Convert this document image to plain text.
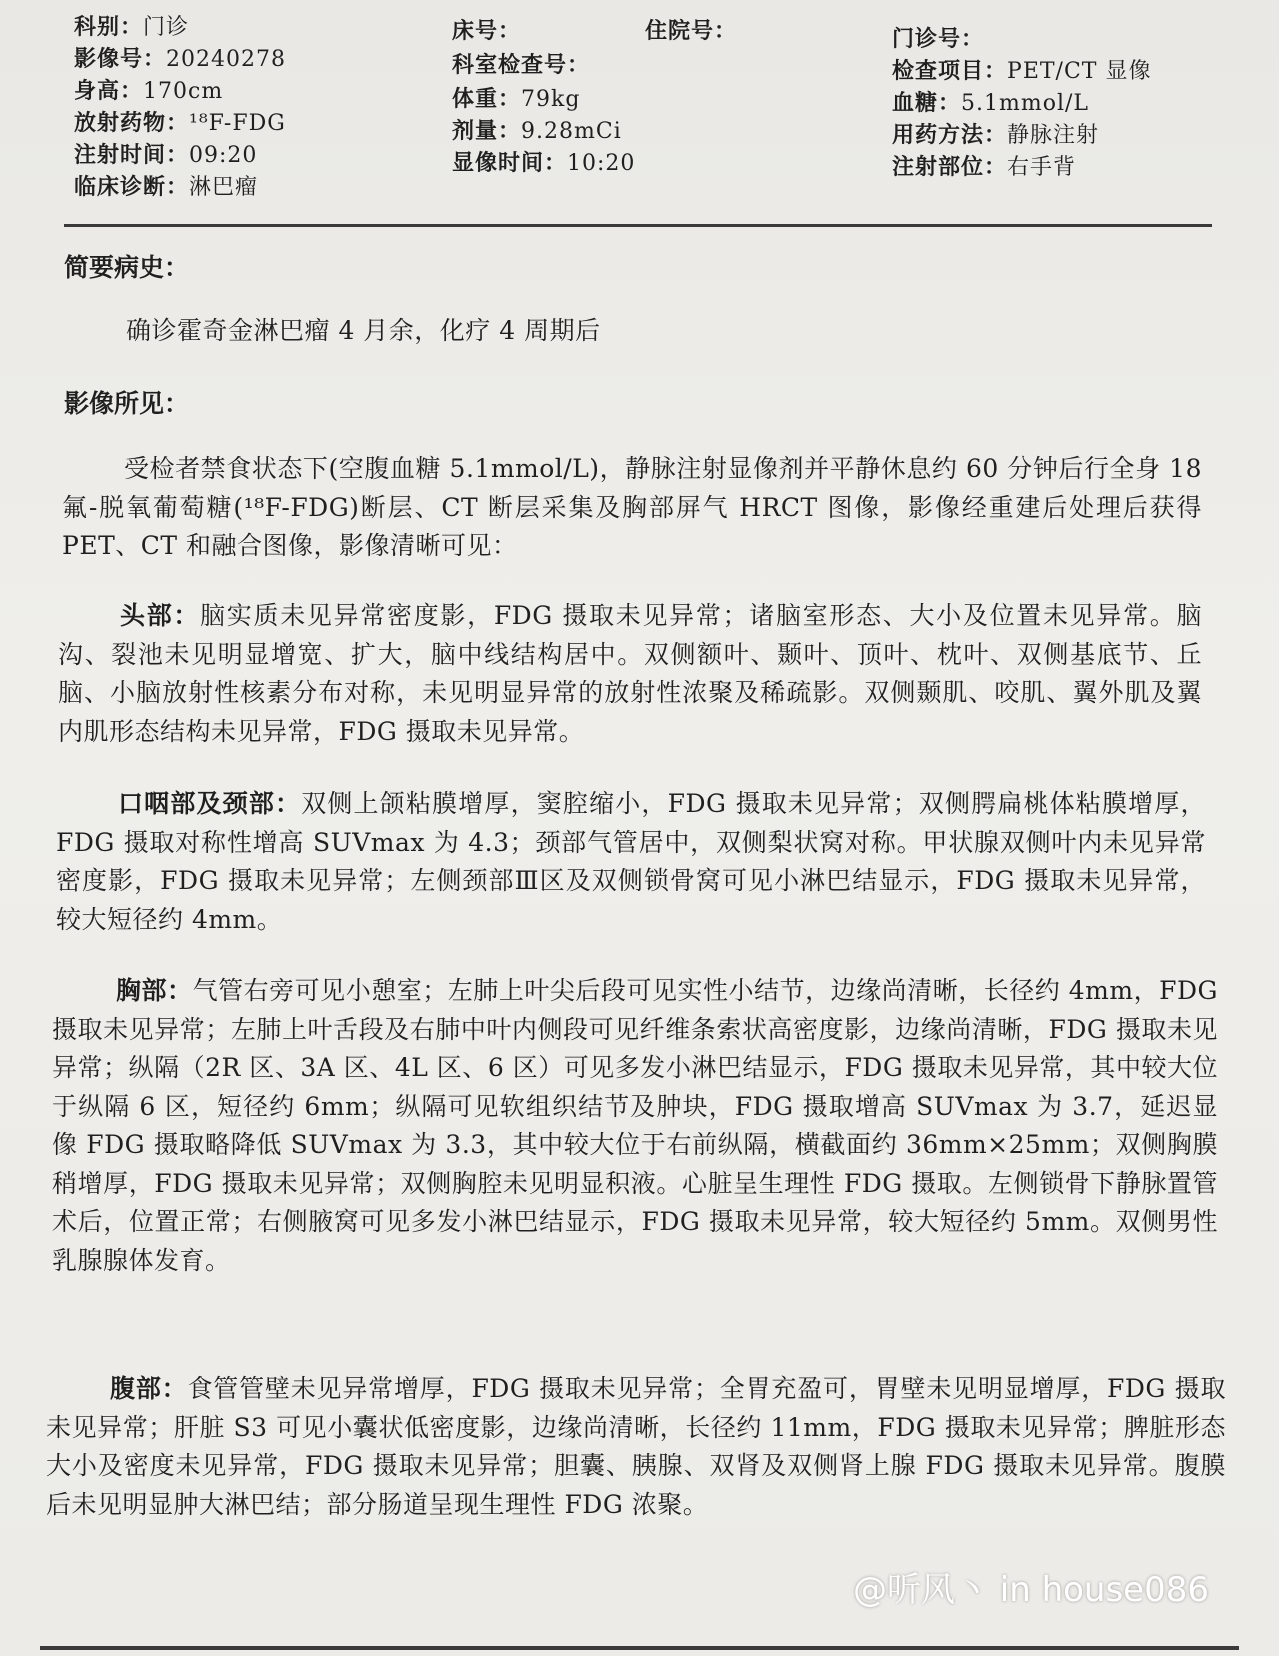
科别：门诊
影像号：20240278
身高：170cm
放射药物：¹⁸F-FDG
注射时间：09:20
临床诊断：淋巴瘤
床号：	住院号：
科室检查号：
体重：79kg
剂量：9.28mCi
显像时间：10:20
门诊号：
检查项目：PET/CT 显像
血糖：5.1mmol/L
用药方法：静脉注射
注射部位：右手背
简要病史：
确诊霍奇金淋巴瘤 4 月余，化疗 4 周期后
影像所见：
受检者禁食状态下(空腹血糖 5.1mmol/L)，静脉注射显像剂并平静休息约 60 分钟后行全身 18 氟-脱氧葡萄糖(¹⁸F-FDG)断层、CT 断层采集及胸部屏气 HRCT 图像，影像经重建后处理后获得 PET、CT 和融合图像，影像清晰可见：
头部：脑实质未见异常密度影，FDG 摄取未见异常；诸脑室形态、大小及位置未见异常。脑沟、裂池未见明显增宽、扩大，脑中线结构居中。双侧额叶、颞叶、顶叶、枕叶、双侧基底节、丘脑、小脑放射性核素分布对称，未见明显异常的放射性浓聚及稀疏影。双侧颞肌、咬肌、翼外肌及翼内肌形态结构未见异常，FDG 摄取未见异常。
口咽部及颈部：双侧上颌粘膜增厚，窦腔缩小，FDG 摄取未见异常；双侧腭扁桃体粘膜增厚，FDG 摄取对称性增高 SUVmax 为 4.3；颈部气管居中，双侧梨状窝对称。甲状腺双侧叶内未见异常密度影，FDG 摄取未见异常；左侧颈部Ⅲ区及双侧锁骨窝可见小淋巴结显示，FDG 摄取未见异常，较大短径约 4mm。
胸部：气管右旁可见小憩室；左肺上叶尖后段可见实性小结节，边缘尚清晰，长径约 4mm，FDG 摄取未见异常；左肺上叶舌段及右肺中叶内侧段可见纤维条索状高密度影，边缘尚清晰，FDG 摄取未见异常；纵隔（2R 区、3A 区、4L 区、6 区）可见多发小淋巴结显示，FDG 摄取未见异常，其中较大位于纵隔 6 区，短径约 6mm；纵隔可见软组织结节及肿块，FDG 摄取增高 SUVmax 为 3.7，延迟显像 FDG 摄取略降低 SUVmax 为 3.3，其中较大位于右前纵隔，横截面约 36mm×25mm；双侧胸膜稍增厚，FDG 摄取未见异常；双侧胸腔未见明显积液。心脏呈生理性 FDG 摄取。左侧锁骨下静脉置管术后，位置正常；右侧腋窝可见多发小淋巴结显示，FDG 摄取未见异常，较大短径约 5mm。双侧男性乳腺腺体发育。
腹部：食管管壁未见异常增厚，FDG 摄取未见异常；全胃充盈可，胃壁未见明显增厚，FDG 摄取未见异常；肝脏 S3 可见小囊状低密度影，边缘尚清晰，长径约 11mm，FDG 摄取未见异常；脾脏形态大小及密度未见异常，FDG 摄取未见异常；胆囊、胰腺、双肾及双侧肾上腺 FDG 摄取未见异常。腹膜后未见明显肿大淋巴结；部分肠道呈现生理性 FDG 浓聚。
@听风丶 in house086
